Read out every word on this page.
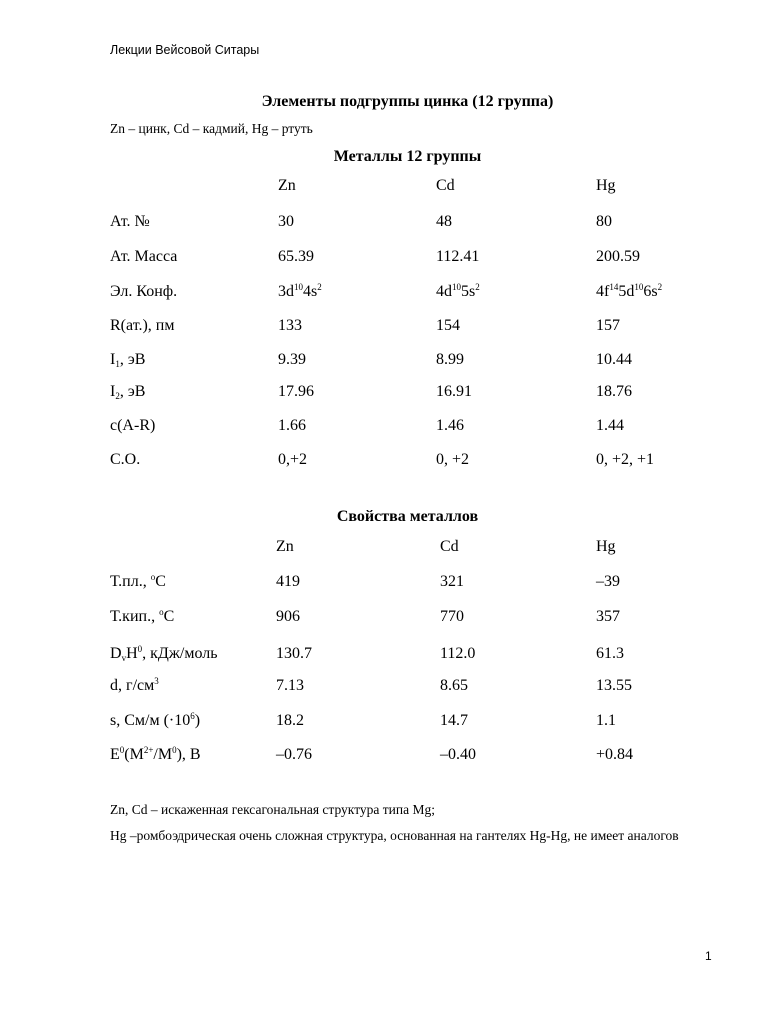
Лекции Вейсовой Ситары
Элементы подгруппы цинка (12 группа)
Zn – цинк, Cd – кадмий, Hg – ртуть
Металлы 12 группы
Zn	Cd	Hg
Ат. №	30	48	80
Ат. Масса	65.39	112.41	200.59
Эл. Конф.	$3d^{10}4s^2$	$4d^{10}5s^2$	$4f^{14}5d^{10}6s^2$
R(ат.), пм	133	154	157
$I_1$, эВ	9.39	8.99	10.44
$I_2$, эВ	17.96	16.91	18.76
c(A-R)	1.66	1.46	1.44
С.О.	0,+2	0, +2	0, +2, +1
Свойства металлов
Zn	Cd	Hg
Т.пл., $^o$C	419	321	–39
Т.кип., $^o$C	906	770	357
$D_vH^0$, кДж/моль	130.7	112.0	61.3
d, $г/см^3$	7.13	8.65	13.55
s, См/м $(\cdot 10^6)$	18.2	14.7	1.1
$E^0(M^{2+}/M^0)$, B	–0.76	–0.40	+0.84
Zn, Cd – искаженная гексагональная структура типа Mg;
Hg –ромбоэдрическая очень сложная структура, основанная на гантелях Hg-Hg, не имеет аналогов
1
